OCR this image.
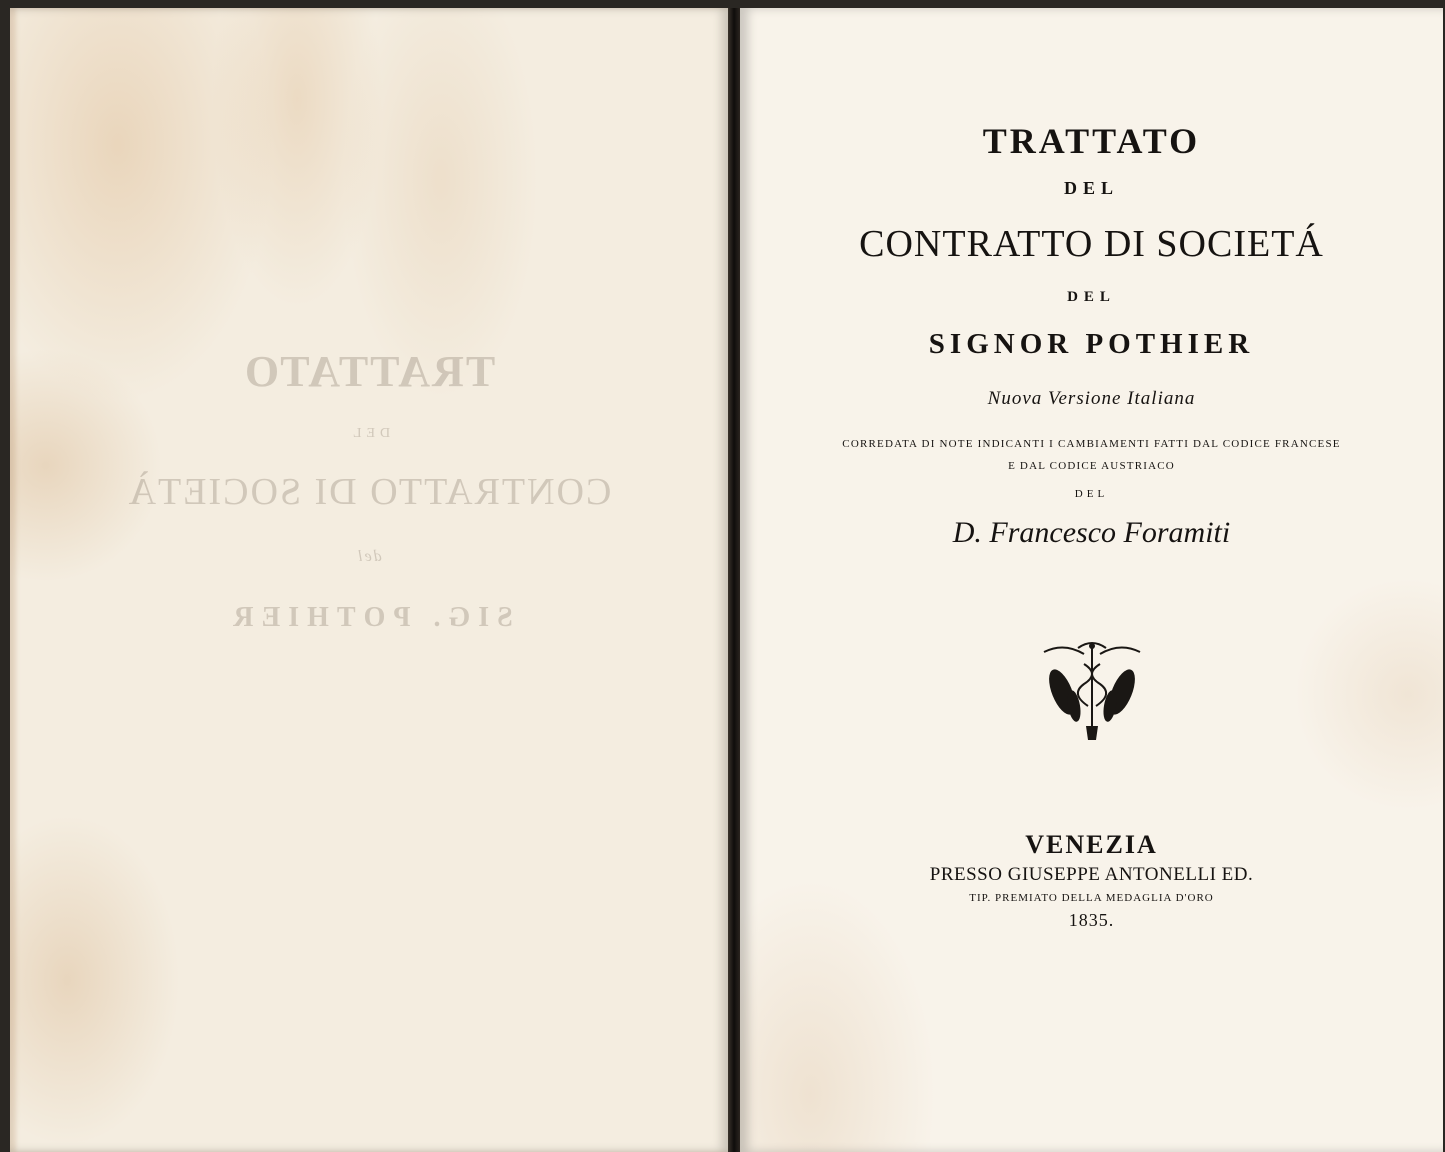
TRATTATO
DEL
CONTRATTO DI SOCIETÀ
del
SIG. POTHIER
TRATTATO
DEL
CONTRATTO DI SOCIETÁ
DEL
SIGNOR POTHIER
Nuova Versione Italiana
CORREDATA DI NOTE INDICANTI I CAMBIAMENTI FATTI DAL CODICE FRANCESE
E DAL CODICE AUSTRIACO
DEL
D. Francesco Foramiti
VENEZIA
PRESSO GIUSEPPE ANTONELLI ED.
TIP. PREMIATO DELLA MEDAGLIA D'ORO
1835.
